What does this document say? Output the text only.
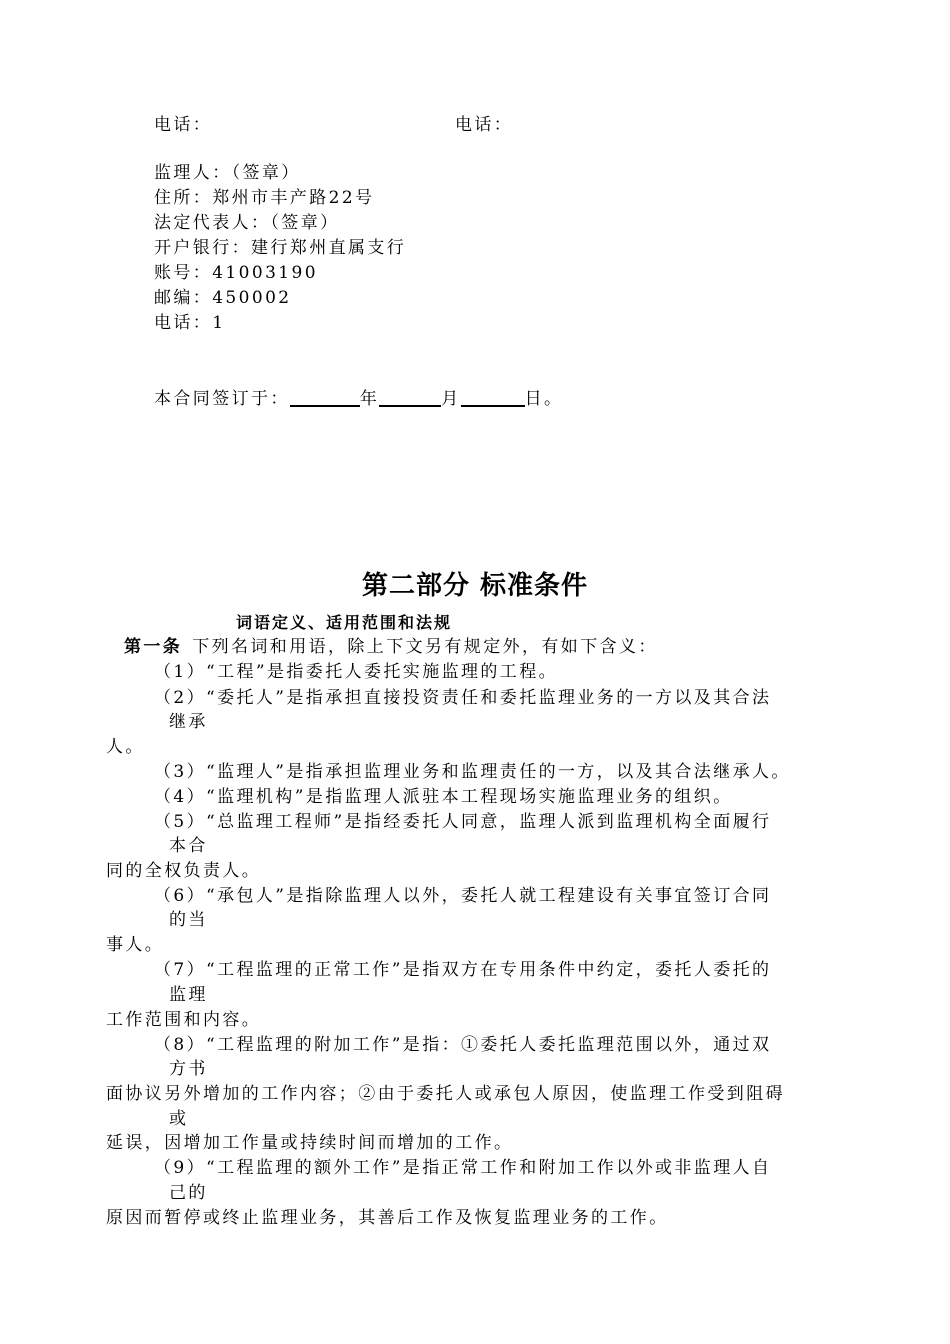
电话：	电话：
监理人：（签章）
住所：郑州市丰产路22号
法定代表人：（签章）
开户银行：建行郑州直属支行
账号：41003190
邮编：450002
电话：1
本合同签订于：	年	月	日。
第二部分 标准条件
词语定义、适用范围和法规
第一条 下列名词和用语，除上下文另有规定外，有如下含义：
（1）“工程”是指委托人委托实施监理的工程。
（2）“委托人”是指承担直接投资责任和委托监理业务的一方以及其合法
继承
人。
（3）“监理人”是指承担监理业务和监理责任的一方，以及其合法继承人。
（4）“监理机构”是指监理人派驻本工程现场实施监理业务的组织。
（5）“总监理工程师”是指经委托人同意，监理人派到监理机构全面履行
本合
同的全权负责人。
（6）“承包人”是指除监理人以外，委托人就工程建设有关事宜签订合同
的当
事人。
（7）“工程监理的正常工作”是指双方在专用条件中约定，委托人委托的
监理
工作范围和内容。
（8）“工程监理的附加工作”是指：①委托人委托监理范围以外，通过双
方书
面协议另外增加的工作内容；②由于委托人或承包人原因，使监理工作受到阻碍
或
延误，因增加工作量或持续时间而增加的工作。
（9）“工程监理的额外工作”是指正常工作和附加工作以外或非监理人自
己的
原因而暂停或终止监理业务，其善后工作及恢复监理业务的工作。
